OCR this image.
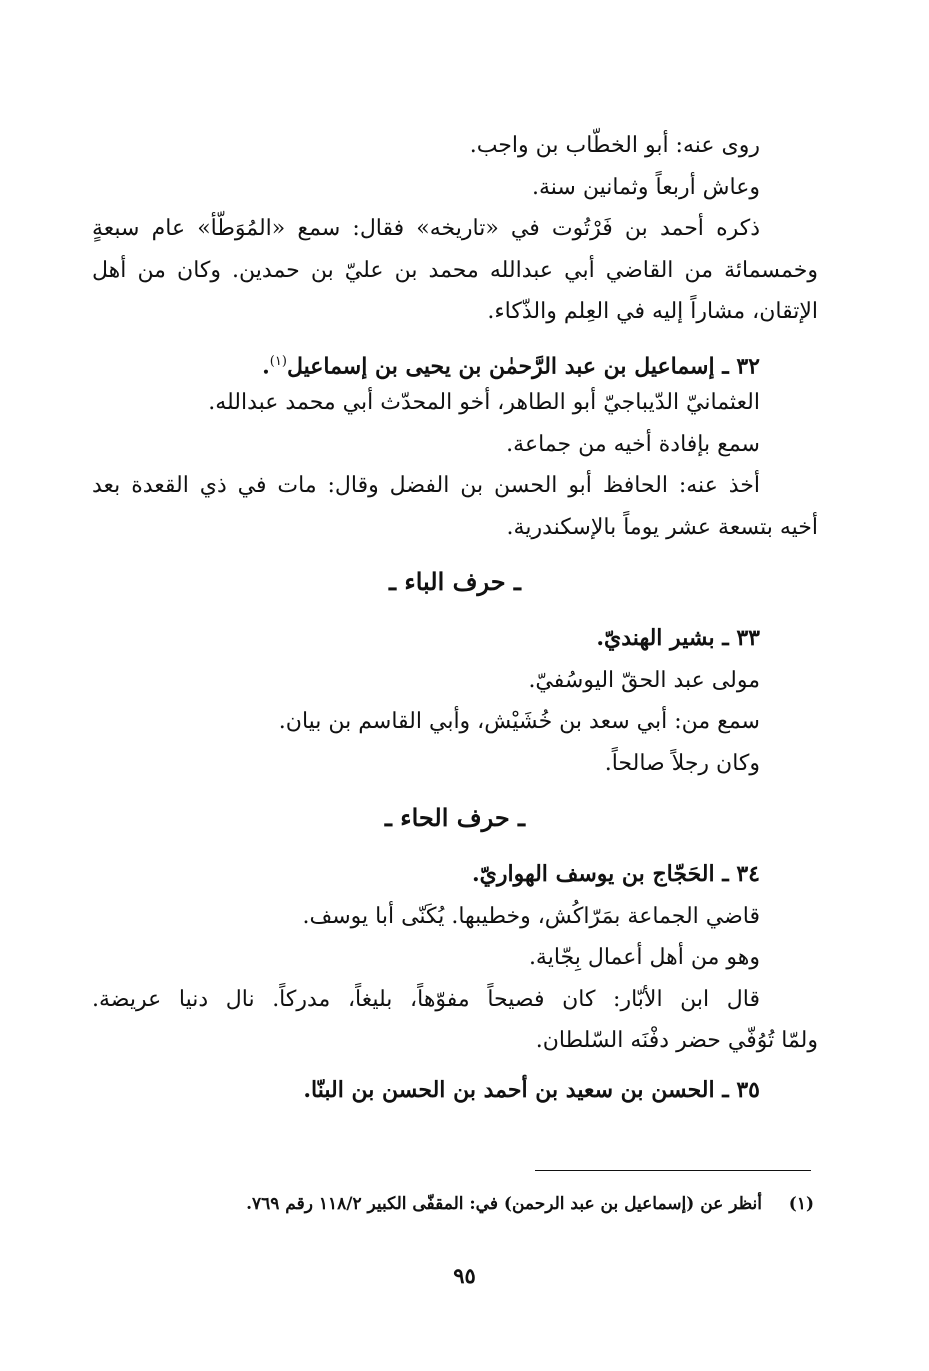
روى عنه: أبو الخطّاب بن واجب.
وعاش أربعاً وثمانين سنة.
ذكره أحمد بن فَرْتُوت في «تاريخه» فقال: سمع «المُوَطّأ» عام سبعةٍ
وخمسمائة من القاضي أبي عبدالله محمد بن عليّ بن حمدين. وكان من أهل
الإتقان، مشاراً إليه في العِلم والذّكاء.
٣٢ ـ إسماعيل بن عبد الرَّحمٰن بن يحيى بن إسماعيل$^{(١)}$.
العثمانيّ الدّيباجيّ أبو الطاهر، أخو المحدّث أبي محمد عبدالله.
سمع بإفادة أخيه من جماعة.
أخذ عنه: الحافظ أبو الحسن بن الفضل وقال: مات في ذي القعدة بعد
أخيه بتسعة عشر يوماً بالإسكندرية.
ـ حرف الباء ـ
٣٣ ـ بشير الهنديّ.
مولى عبد الحقّ اليوسُفيّ.
سمع من: أبي سعد بن خُشَيْش، وأبي القاسم بن بيان.
وكان رجلاً صالحاً.
ـ حرف الحاء ـ
٣٤ ـ الحَجّاج بن يوسف الهواريّ.
قاضي الجماعة بمَرّاكُش، وخطيبها. يُكَنّى أبا يوسف.
وهو من أهل أعمال بِجّاية.
قال ابن الأبّار: كان فصيحاً مفوّهاً، بليغاً، مدركاً. نال دنيا عريضة.
ولمّا تُوُفّي حضر دفْنَه السّلطان.
٣٥ ـ الحسن بن سعيد بن أحمد بن الحسن بن البنّا.
(١)أنظر عن (إسماعيل بن عبد الرحمن) في: المقفّى الكبير ١١٨/٢ رقم ٧٦٩.
٩٥
